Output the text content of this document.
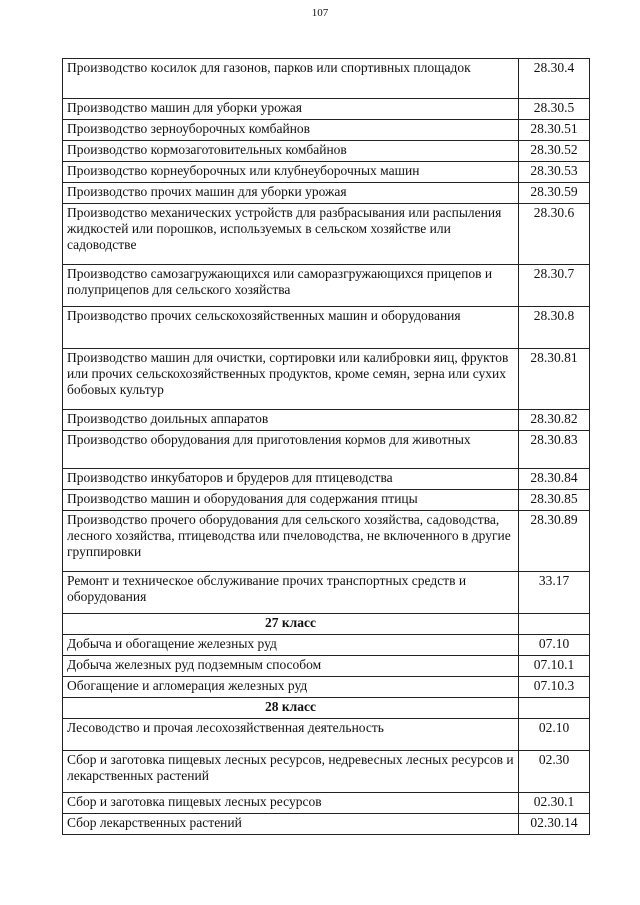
107
Производство косилок для газонов, парков или спортивных площадок	28.30.4
Производство машин для уборки урожая	28.30.5
Производство зерноуборочных комбайнов	28.30.51
Производство кормозаготовительных комбайнов	28.30.52
Производство корнеуборочных или клубнеуборочных машин	28.30.53
Производство прочих машин для уборки урожая	28.30.59
Производство механических устройств для разбрасывания или распыления жидкостей или порошков, используемых в сельском хозяйстве или садоводстве	28.30.6
Производство самозагружающихся или саморазгружающихся прицепов и полуприцепов для сельского хозяйства	28.30.7
Производство прочих сельскохозяйственных машин и оборудования	28.30.8
Производство машин для очистки, сортировки или калибровки яиц, фруктов или прочих сельскохозяйственных продуктов, кроме семян, зерна или сухих бобовых культур	28.30.81
Производство доильных аппаратов	28.30.82
Производство оборудования для приготовления кормов для животных	28.30.83
Производство инкубаторов и брудеров для птицеводства	28.30.84
Производство машин и оборудования для содержания птицы	28.30.85
Производство прочего оборудования для сельского хозяйства, садоводства, лесного хозяйства, птицеводства или пчеловодства, не включенного в другие группировки	28.30.89
Ремонт и техническое обслуживание прочих транспортных средств и оборудования	33.17
27 класс	
Добыча и обогащение железных руд	07.10
Добыча железных руд подземным способом	07.10.1
Обогащение и агломерация железных руд	07.10.3
28 класс	
Лесоводство и прочая лесохозяйственная деятельность	02.10
Сбор и заготовка пищевых лесных ресурсов, недревесных лесных ресурсов и лекарственных растений	02.30
Сбор и заготовка пищевых лесных ресурсов	02.30.1
Сбор лекарственных растений	02.30.14
